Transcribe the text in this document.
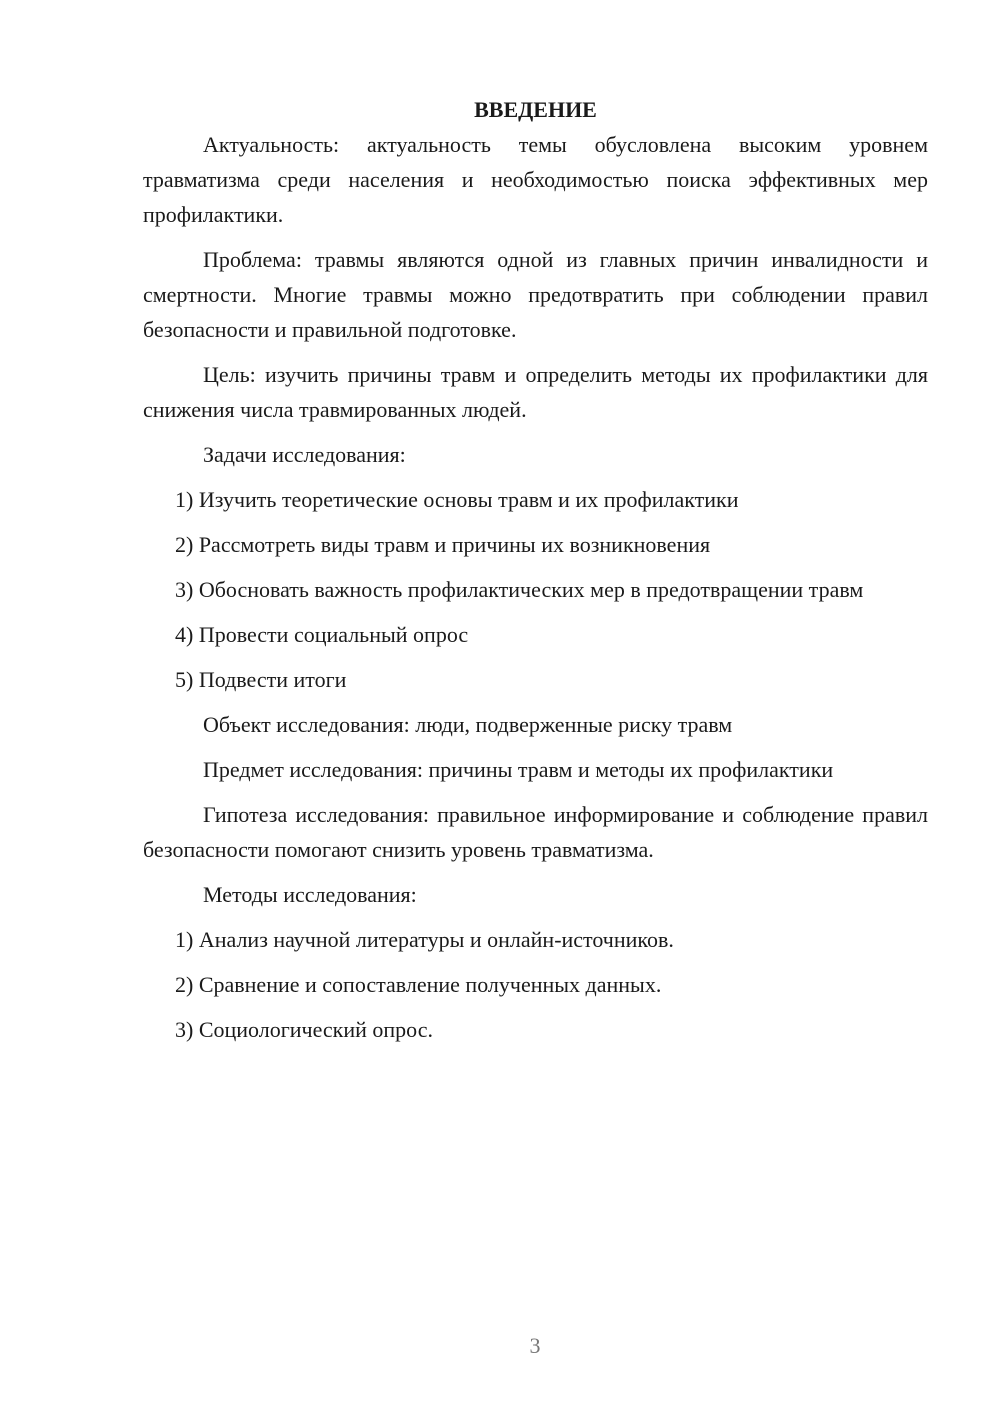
ВВЕДЕНИЕ

Актуальность: актуальность темы обусловлена высоким уровнем травматизма среди населения и необходимостью поиска эффективных мер профилактики.

Проблема: травмы являются одной из главных причин инвалидности и смертности. Многие травмы можно предотвратить при соблюдении правил безопасности и правильной подготовке.

Цель: изучить причины травм и определить методы их профилактики для снижения числа травмированных людей.

Задачи исследования:

1) Изучить теоретические основы травм и их профилактики

2) Рассмотреть виды травм и причины их возникновения

3) Обосновать важность профилактических мер в предотвращении травм

4) Провести социальный опрос

5) Подвести итоги

Объект исследования: люди, подверженные риску травм

Предмет исследования: причины травм и методы их профилактики

Гипотеза исследования: правильное информирование и соблюдение правил безопасности помогают снизить уровень травматизма.

Методы исследования:

1) Анализ научной литературы и онлайн-источников.

2) Сравнение и сопоставление полученных данных.

3) Социологический опрос.

3
